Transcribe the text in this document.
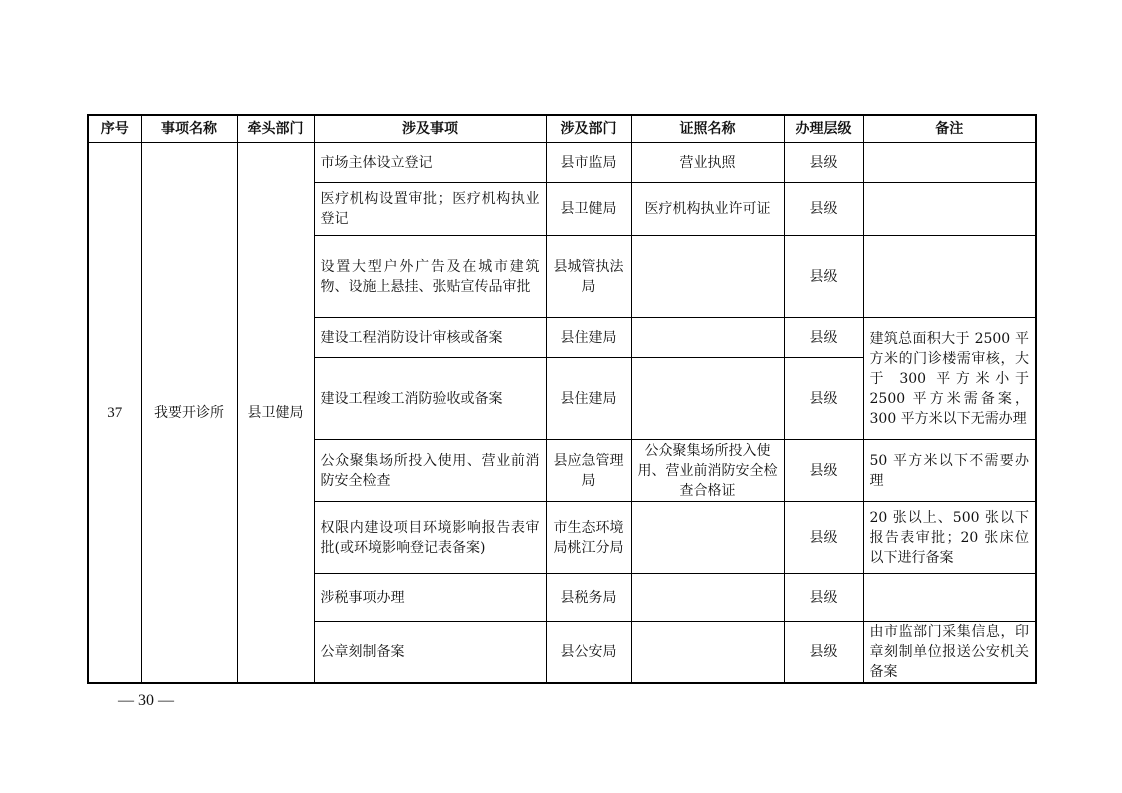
序号	事项名称	牵头部门	涉及事项	涉及部门	证照名称	办理层级	备注
37	我要开诊所	县卫健局	市场主体设立登记	县市监局	营业执照	县级	
			医疗机构设置审批；医疗机构执业登记	县卫健局	医疗机构执业许可证	县级	
			设置大型户外广告及在城市建筑物、设施上悬挂、张贴宣传品审批	县城管执法局		县级	
			建设工程消防设计审核或备案	县住建局		县级	建筑总面积大于 2500 平方米的门诊楼需审核，大于 300 平方米小于 2500 平方米需备案，300 平方米以下无需办理
			建设工程竣工消防验收或备案	县住建局		县级	
			公众聚集场所投入使用、营业前消防安全检查	县应急管理局	公众聚集场所投入使用、营业前消防安全检查合格证	县级	50 平方米以下不需要办理
			权限内建设项目环境影响报告表审批(或环境影响登记表备案)	市生态环境局桃江分局		县级	20 张以上、500 张以下报告表审批；20 张床位以下进行备案
			涉税事项办理	县税务局		县级	
			公章刻制备案	县公安局		县级	由市监部门采集信息，印章刻制单位报送公安机关备案
— 30 —
